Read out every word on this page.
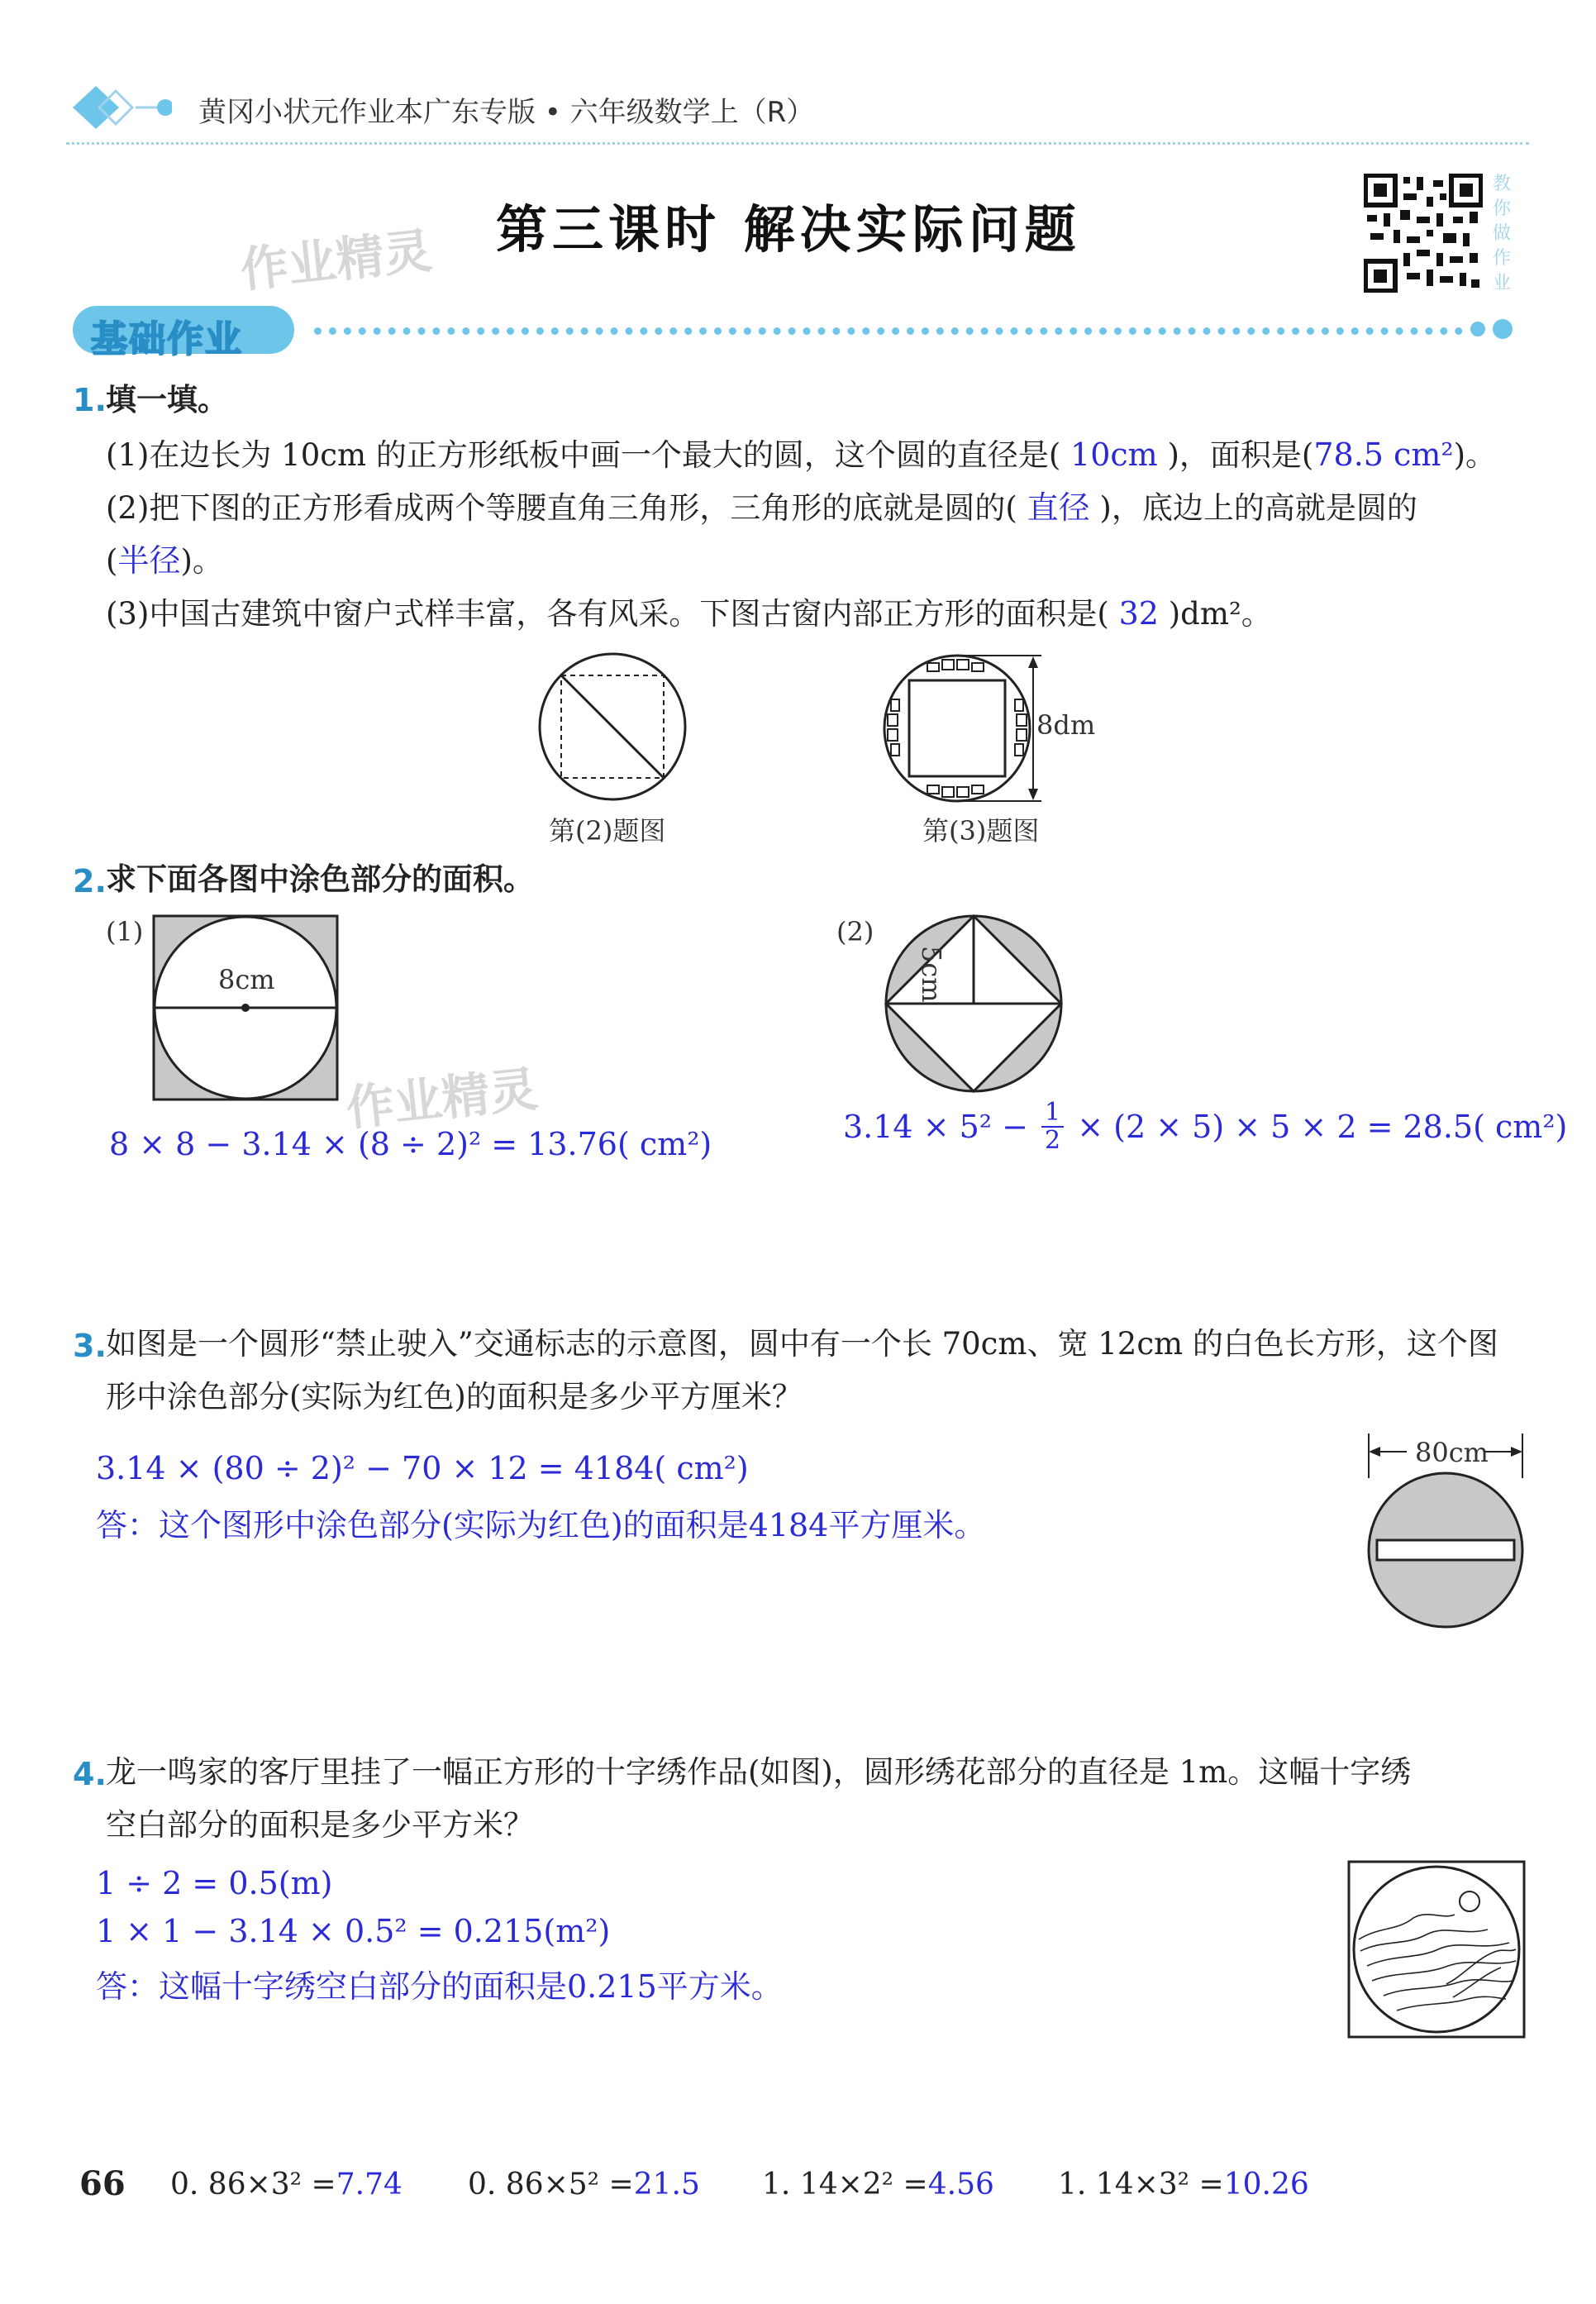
黄冈小状元作业本广东专版 • 六年级数学上（R）
作业精灵 第三课时 解决实际问题
教你做作业
基础作业
1. 填一填。
(1)在边长为 10cm 的正方形纸板中画一个最大的圆，这个圆的直径是( 10cm )，面积是(78.5 cm²)。
(2)把下图的正方形看成两个等腰直角三角形，三角形的底就是圆的( 直径 )，底边上的高就是圆的
(半径)。
(3)中国古建筑中窗户式样丰富，各有风采。下图古窗内部正方形的面积是( 32 )dm²。
第(2)题图
8dm
第(3)题图
2. 求下面各图中涂色部分的面积。
(1)
8cm
作业精灵
8 × 8 − 3.14 × (8 ÷ 2)² = 13.76( cm²)
(2)
5cm
$3.14 \times 5^2 - \frac{1}{2} \times (2 \times 5) \times 5 \times 2 = 28.5$( cm²)
3. 如图是一个圆形“禁止驶入”交通标志的示意图，圆中有一个长 70cm、宽 12cm 的白色长方形，这个图
形中涂色部分(实际为红色)的面积是多少平方厘米？
3.14 × (80 ÷ 2)² − 70 × 12 = 4184( cm²)
答：这个图形中涂色部分(实际为红色)的面积是4184平方厘米。
80cm
4. 龙一鸣家的客厅里挂了一幅正方形的十字绣作品(如图)，圆形绣花部分的直径是 1m。这幅十字绣
空白部分的面积是多少平方米？
1 ÷ 2 = 0.5(m)
1 × 1 − 3.14 × 0.5² = 0.215(m²)
答：这幅十字绣空白部分的面积是0.215平方米。
66 0. 86×3² =7.74 0. 86×5² =21.5 1. 14×2² =4.56 1. 14×3² =10.26
